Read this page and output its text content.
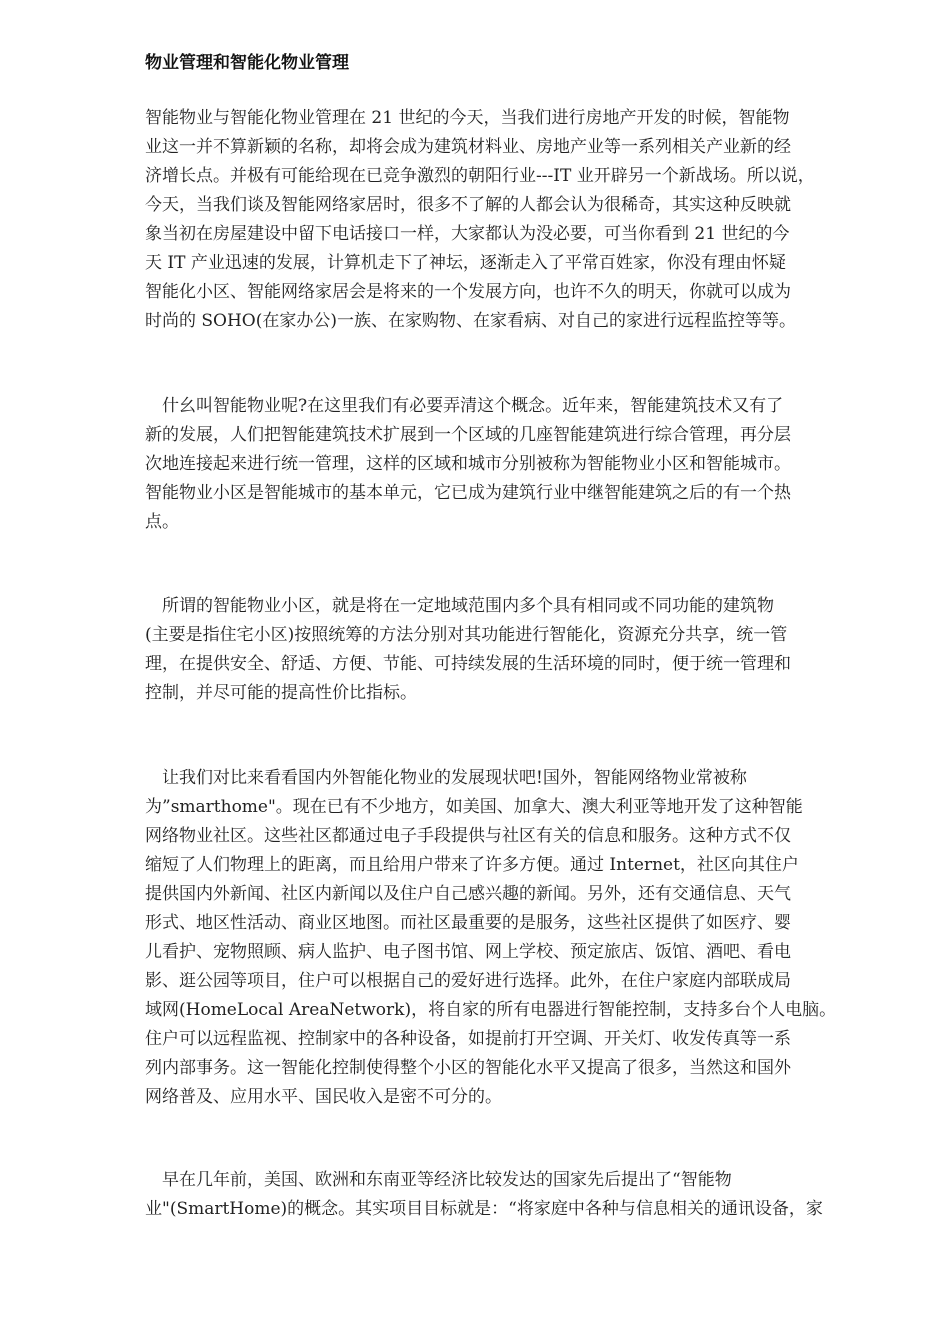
物业管理和智能化物业管理
智能物业与智能化物业管理在 21 世纪的今天，当我们进行房地产开发的时候，智能物
业这一并不算新颖的名称，却将会成为建筑材料业、房地产业等一系列相关产业新的经
济增长点。并极有可能给现在已竞争激烈的朝阳行业---IT 业开辟另一个新战场。所以说，
今天，当我们谈及智能网络家居时，很多不了解的人都会认为很稀奇，其实这种反映就
象当初在房屋建设中留下电话接口一样，大家都认为没必要，可当你看到 21 世纪的今
天 IT 产业迅速的发展，计算机走下了神坛，逐渐走入了平常百姓家，你没有理由怀疑
智能化小区、智能网络家居会是将来的一个发展方向，也许不久的明天，你就可以成为
时尚的 SOHO(在家办公)一族、在家购物、在家看病、对自己的家进行远程监控等等。
　什幺叫智能物业呢?在这里我们有必要弄清这个概念。近年来，智能建筑技术又有了
新的发展，人们把智能建筑技术扩展到一个区域的几座智能建筑进行综合管理，再分层
次地连接起来进行统一管理，这样的区域和城市分别被称为智能物业小区和智能城市。
智能物业小区是智能城市的基本单元，它已成为建筑行业中继智能建筑之后的有一个热
点。
　所谓的智能物业小区，就是将在一定地域范围内多个具有相同或不同功能的建筑物
(主要是指住宅小区)按照统筹的方法分别对其功能进行智能化，资源充分共享，统一管
理，在提供安全、舒适、方便、节能、可持续发展的生活环境的同时，便于统一管理和
控制，并尽可能的提高性价比指标。
　让我们对比来看看国内外智能化物业的发展现状吧!国外，智能网络物业常被称
为”smarthome"。现在已有不少地方，如美国、加拿大、澳大利亚等地开发了这种智能
网络物业社区。这些社区都通过电子手段提供与社区有关的信息和服务。这种方式不仅
缩短了人们物理上的距离，而且给用户带来了许多方便。通过 Internet，社区向其住户
提供国内外新闻、社区内新闻以及住户自己感兴趣的新闻。另外，还有交通信息、天气
形式、地区性活动、商业区地图。而社区最重要的是服务，这些社区提供了如医疗、婴
儿看护、宠物照顾、病人监护、电子图书馆、网上学校、预定旅店、饭馆、酒吧、看电
影、逛公园等项目，住户可以根据自己的爱好进行选择。此外，在住户家庭内部联成局
域网(HomeLocal AreaNetwork)，将自家的所有电器进行智能控制，支持多台个人电脑。
住户可以远程监视、控制家中的各种设备，如提前打开空调、开关灯、收发传真等一系
列内部事务。这一智能化控制使得整个小区的智能化水平又提高了很多，当然这和国外
网络普及、应用水平、国民收入是密不可分的。
　早在几年前，美国、欧洲和东南亚等经济比较发达的国家先后提出了“智能物
业"(SmartHome)的概念。其实项目目标就是：“将家庭中各种与信息相关的通讯设备，家
